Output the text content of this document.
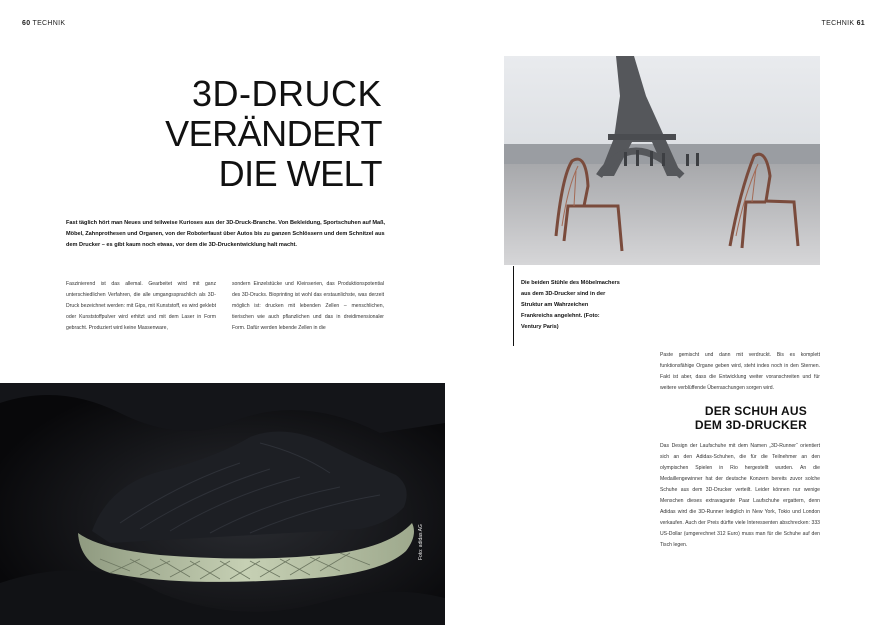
60 TECHNIK	TECHNIK 61
3D-DRUCK
VERÄNDERT
DIE WELT

Fast täglich hört man Neues und teilweise Kurioses aus der 3D-Druck-Branche. Von Bekleidung, Sportschuhen auf Maß, Möbel, Zahnprothesen und Organen, von der Roboterfaust über Autos bis zu ganzen Schlössern und dem Schnitzel aus dem Drucker – es gibt kaum noch etwas, vor dem die 3D-Druckentwicklung halt macht.

Faszinierend ist das allemal. Gearbeitet wird mit ganz unterschiedlichen Verfahren, die alle umgangssprachlich als 3D-Druck bezeichnet werden: mit Gips, mit Kunststoff, es wird geklebt oder Kunststoffpulver wird erhitzt und mit dem Laser in Form gebracht. Produziert wird keine Massenware,

sondern Einzelstücke und Kleinserien, das Produktionspotential des 3D-Drucks. Bioprinting ist wohl das erstaunlichste, was derzeit möglich ist: drucken mit lebenden Zellen – menschlichen, tierischen wie auch pflanzlichen und das in dreidimensionaler Form. Dafür werden lebende Zellen in die

Die beiden Stühle des Möbelmachers aus dem 3D-Drucker sind in der Struktur am Wahrzeichen Frankreichs angelehnt. (Foto: Ventury Paris)

Paste gemischt und dann mit verdruckt. Bis es komplett funktionsfähige Organe geben wird, steht indes noch in den Sternen. Fakt ist aber, dass die Entwicklung weiter voranschreiten und für weitere verblüffende Überraschungen sorgen wird.

DER SCHUH AUS
DEM 3D-DRUCKER

Das Design der Laufschuhe mit dem Namen „3D-Runner“ orientiert sich an den Adidas-Schuhen, die für die Teilnehmer an den olympischen Spielen in Rio hergestellt wurden. An die Medaillengewinner hat der deutsche Konzern bereits zuvor solche Schuhe aus dem 3D-Drucker verteilt. Leider können nur wenige Menschen dieses extravagante Paar Laufschuhe ergattern, denn Adidas wird die 3D-Runner lediglich in New York, Tokio und London verkaufen. Auch der Preis dürfte viele Interessenten abschrecken: 333 US-Dollar (umgerechnet 312 Euro) muss man für die Schuhe auf den Tisch legen.

Foto: adidas AG
